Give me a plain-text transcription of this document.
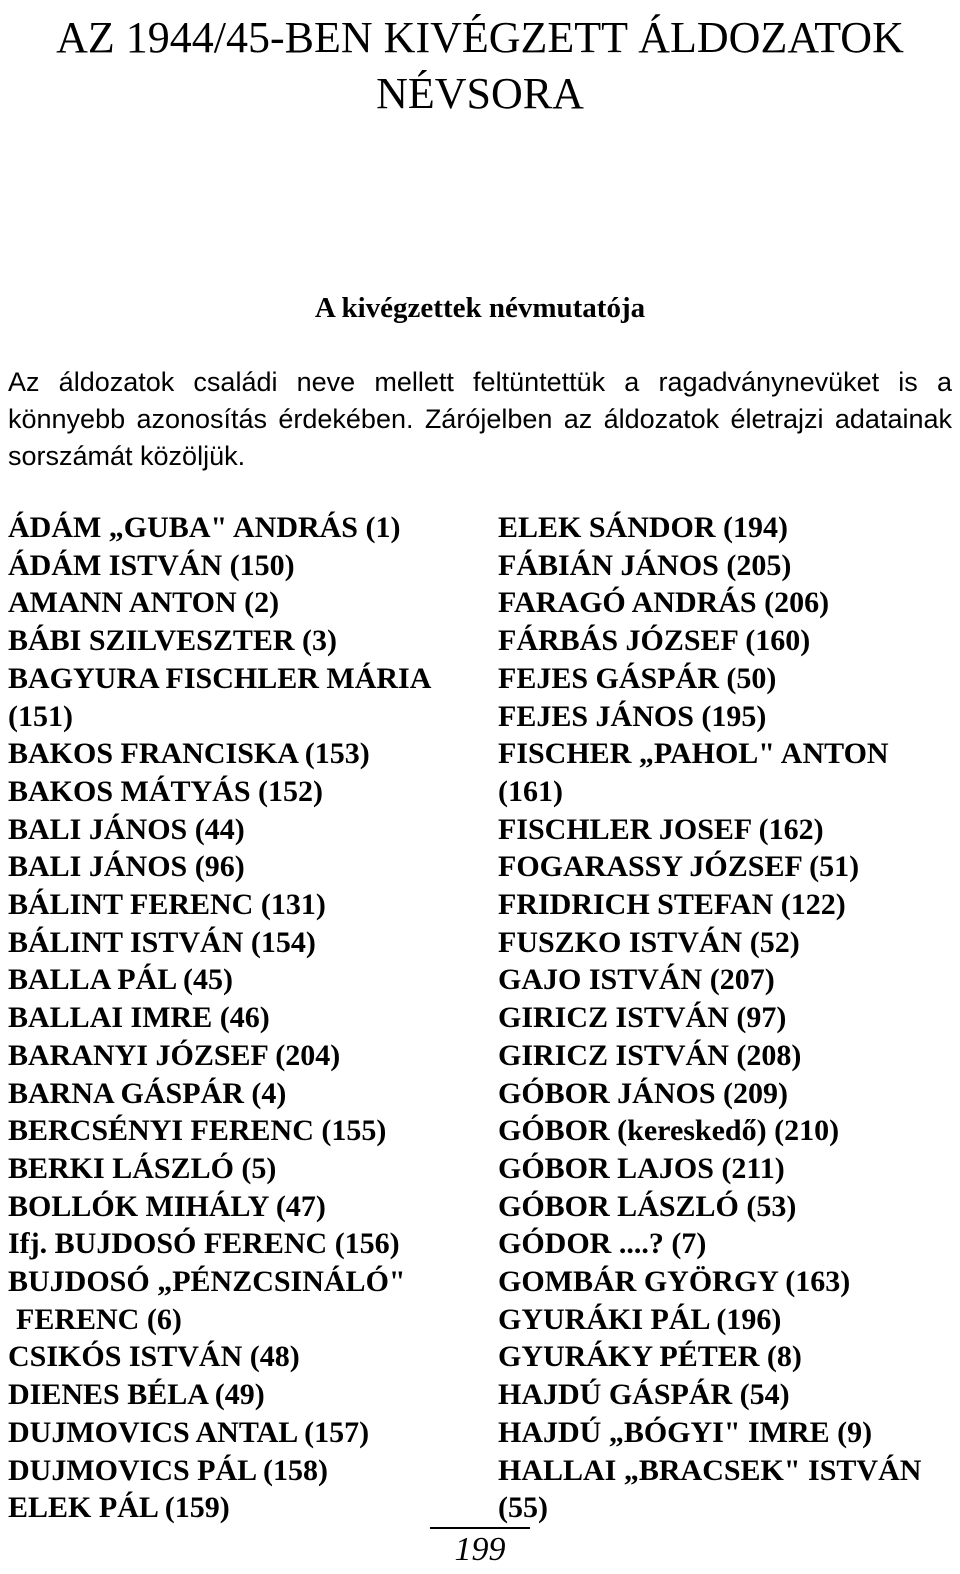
AZ 1944/45-BEN KIVÉGZETT ÁLDOZATOK
NÉVSORA
A kivégzettek névmutatója

Az áldozatok családi neve mellett feltüntettük a ragadványnevüket is a könnyebb azonosítás érdekében. Zárójelben az áldozatok életrajzi adatainak sorszámát közöljük.

ÁDÁM „GUBA" ANDRÁS (1)
ÁDÁM ISTVÁN (150)
AMANN ANTON (2)
BÁBI SZILVESZTER (3)
BAGYURA FISCHLER MÁRIA
(151)
BAKOS FRANCISKA (153)
BAKOS MÁTYÁS (152)
BALI JÁNOS (44)
BALI JÁNOS (96)
BÁLINT FERENC (131)
BÁLINT ISTVÁN (154)
BALLA PÁL (45)
BALLAI IMRE (46)
BARANYI JÓZSEF (204)
BARNA GÁSPÁR (4)
BERCSÉNYI FERENC (155)
BERKI LÁSZLÓ (5)
BOLLÓK MIHÁLY (47)
Ifj. BUJDOSÓ FERENC (156)
BUJDOSÓ „PÉNZCSINÁLÓ"
FERENC (6)
CSIKÓS ISTVÁN (48)
DIENES BÉLA (49)
DUJMOVICS ANTAL (157)
DUJMOVICS PÁL (158)
ELEK PÁL (159)
ELEK SÁNDOR (194)
FÁBIÁN JÁNOS (205)
FARAGÓ ANDRÁS (206)
FÁRBÁS JÓZSEF (160)
FEJES GÁSPÁR (50)
FEJES JÁNOS (195)
FISCHER „PAHOL" ANTON
(161)
FISCHLER JOSEF (162)
FOGARASSY JÓZSEF (51)
FRIDRICH STEFAN (122)
FUSZKO ISTVÁN (52)
GAJO ISTVÁN (207)
GIRICZ ISTVÁN (97)
GIRICZ ISTVÁN (208)
GÓBOR JÁNOS (209)
GÓBOR (kereskedő) (210)
GÓBOR LAJOS (211)
GÓBOR LÁSZLÓ (53)
GÓDOR ....? (7)
GOMBÁR GYÖRGY (163)
GYURÁKI PÁL (196)
GYURÁKY PÉTER (8)
HAJDÚ GÁSPÁR (54)
HAJDÚ „BÓGYI" IMRE (9)
HALLAI „BRACSEK" ISTVÁN
(55)
199
